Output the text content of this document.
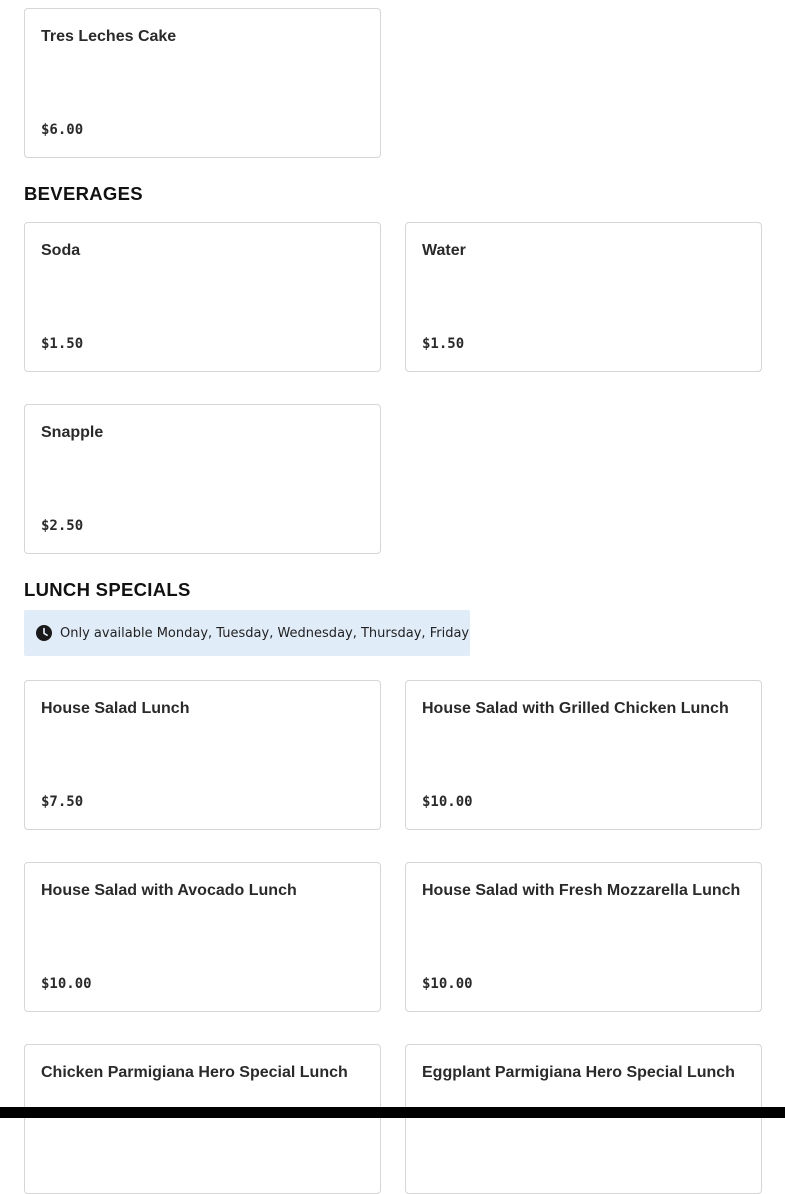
Tres Leches Cake
$6.00
BEVERAGES
Soda
$1.50
Water
$1.50
Snapple
$2.50
LUNCH SPECIALS
Only available Monday, Tuesday, Wednesday, Thursday, Friday
House Salad Lunch
$7.50
House Salad with Grilled Chicken Lunch
$10.00
House Salad with Avocado Lunch
$10.00
House Salad with Fresh Mozzarella Lunch
$10.00
Chicken Parmigiana Hero Special Lunch	Eggplant Parmigiana Hero Special Lunch
